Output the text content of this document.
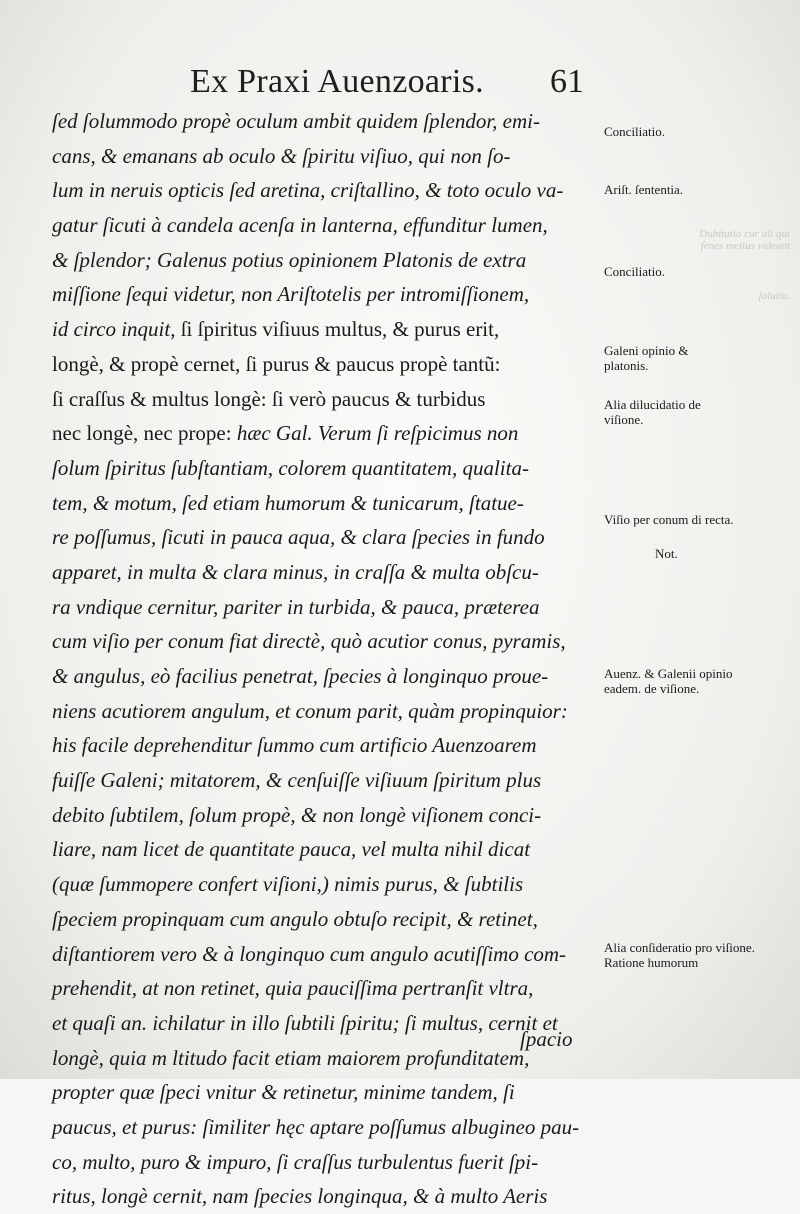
Ex Praxi Auenzoaris. 61
ſed ſolummodo propè oculum ambit quidem ſplendor, emi-
cans, & emanans ab oculo & ſpiritu viſiuo, qui non ſo-
lum in neruis opticis ſed aretina, criſtallino, & toto oculo va-
gatur ſicuti à candela acenſa in lanterna, effunditur lumen,
& ſplendor; Galenus potius opinionem Platonis de extra
miſſione ſequi videtur, non Ariſtotelis per intromiſſionem,
id circo inquit, ſi ſpiritus viſiuus multus, & purus erit,
longè, & propè cernet, ſi purus & paucus propè tantũ:
ſi craſſus & multus longè: ſi verò paucus & turbidus
nec longè, nec prope: hæc Gal. Verum ſi reſpicimus non
ſolum ſpiritus ſubſtantiam, colorem quantitatem, qualita-
tem, & motum, ſed etiam humorum & tunicarum, ſtatue-
re poſſumus, ſicuti in pauca aqua, & clara ſpecies in fundo
apparet, in multa & clara minus, in craſſa & multa obſcu-
ra vndique cernitur, pariter in turbida, & pauca, præterea
cum viſio per conum fiat directè, quò acutior conus, pyramis,
& angulus, eò facilius penetrat, ſpecies à longinquo proue-
niens acutiorem angulum, et conum parit, quàm propinquior:
his facile deprehenditur ſummo cum artificio Auenzoarem
fuiſſe Galeni; mitatorem, & cenſuiſſe viſiuum ſpiritum plus
debito ſubtilem, ſolum propè, & non longè viſionem conci-
liare, nam licet de quantitate pauca, vel multa nihil dicat
(quæ ſummopere confert viſioni,) nimis purus, & ſubtilis
ſpeciem propinquam cum angulo obtuſo recipit, & retinet,
diſtantiorem vero & à longinquo cum angulo acutiſſimo com-
prehendit, at non retinet, quia pauciſſima pertranſit vltra,
et quaſi an. ichilatur in illo ſubtili ſpiritu; ſi multus, cernit et
longè, quia m ltitudo facit etiam maiorem profunditatem,
propter quæ ſpeci vnitur & retinetur, minime tandem, ſi
paucus, et purus: ſimiliter hęc aptare poſſumus albugineo pau-
co, multo, puro & impuro, ſi craſſus turbulentus fuerit ſpi-
ritus, longè cernit, nam ſpecies longinqua, & à multo Aeris
ſpacio
Conciliatio.
Ariſt. ſententia.
Conciliatio.
Galeni opinio & platonis.
Alia dilucidatio de viſione.
Viſio per conum di recta.
Not.
Auenz. & Galenii opinio eadem. de viſione.
Alia conſideratio pro viſione. Ratione humorum
Dubitatio cur ali qui ſenes melius videant
ſolutio.
